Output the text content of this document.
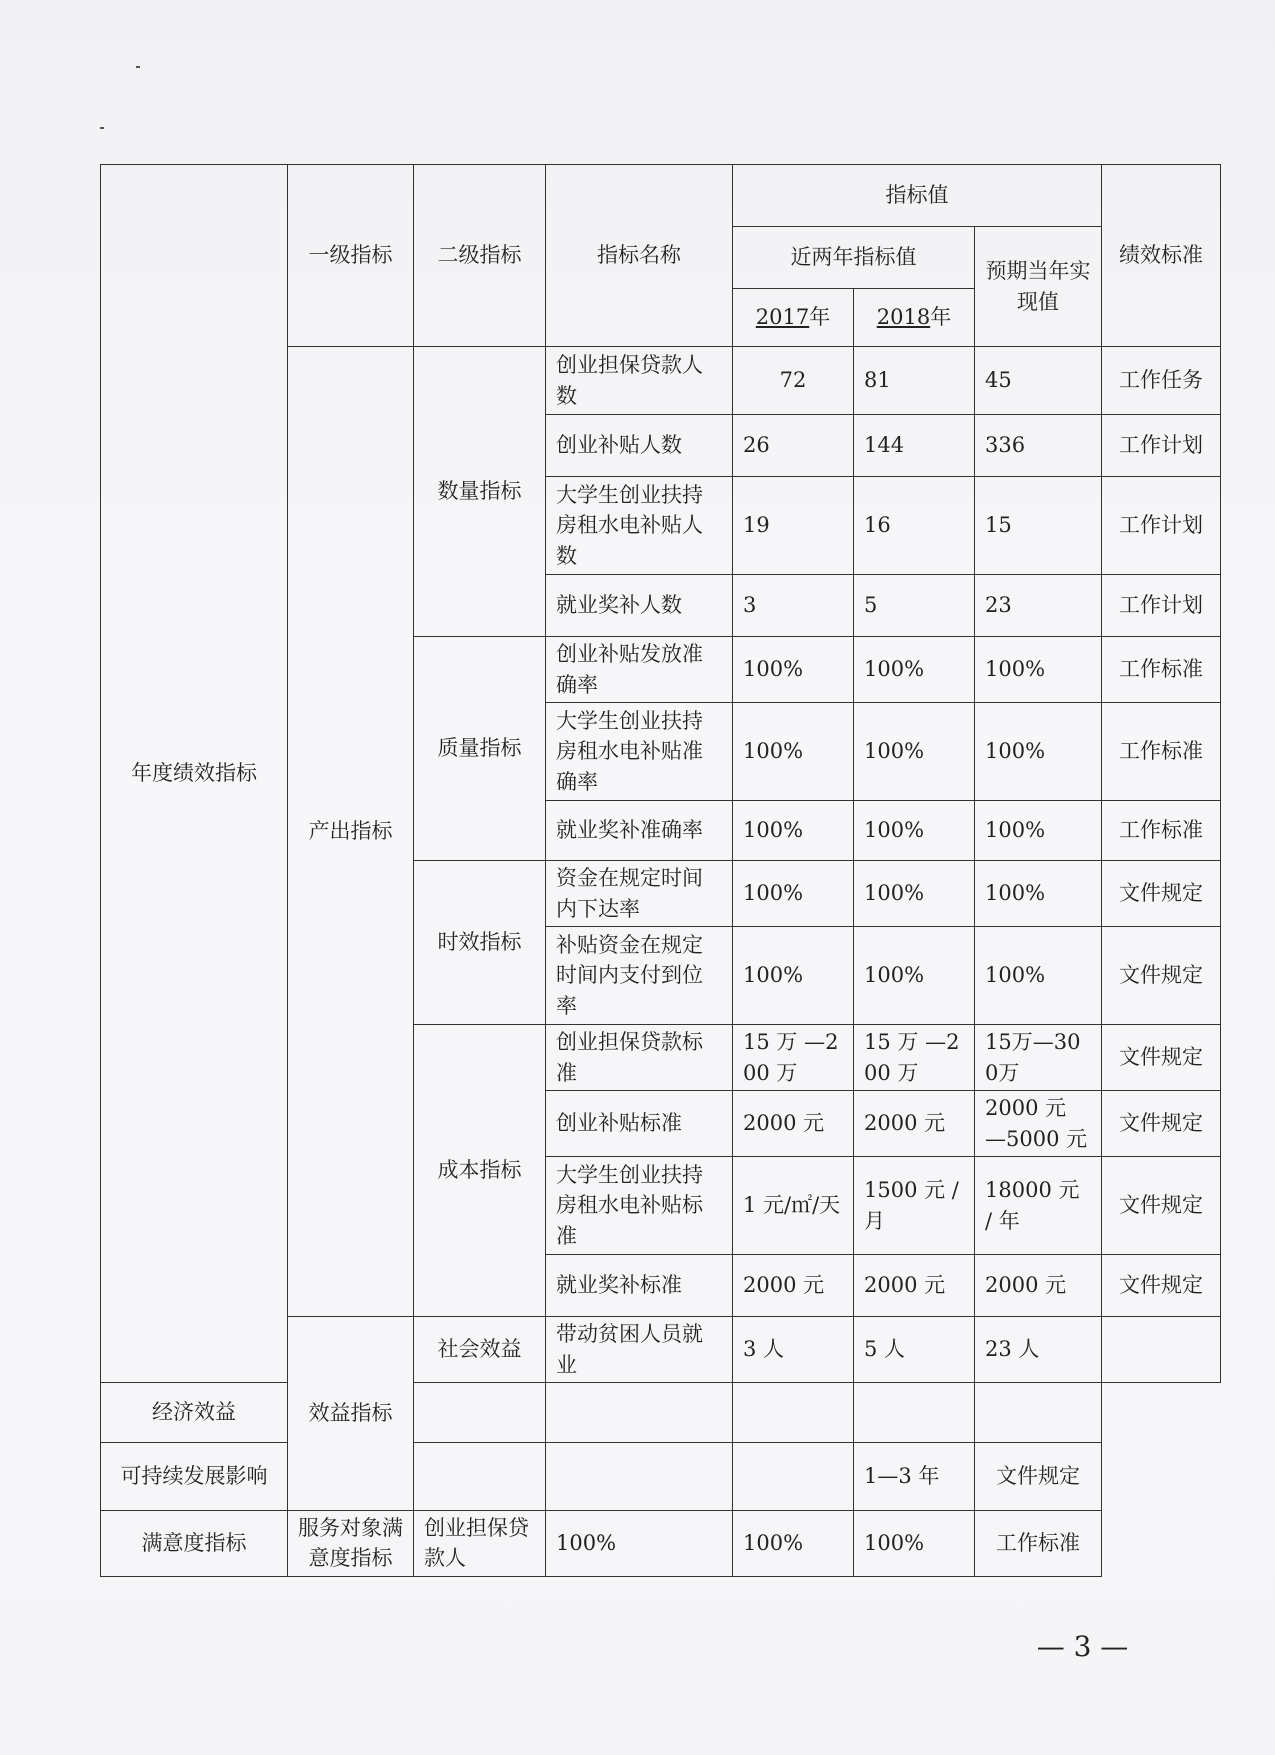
年度绩效指标	一级指标	二级指标	指标名称	指标值			绩效标准
				近两年指标值		预期当年实现值	
				2017年	2018年		
	产出指标	数量指标	创业担保贷款人数	72	81	45	工作任务
			创业补贴人数	26	144	336	工作计划
			大学生创业扶持房租水电补贴人数	19	16	15	工作计划
			就业奖补人数	3	5	23	工作计划
		质量指标	创业补贴发放准确率	100%	100%	100%	工作标准
			大学生创业扶持房租水电补贴准确率	100%	100%	100%	工作标准
			就业奖补准确率	100%	100%	100%	工作标准
		时效指标	资金在规定时间内下达率	100%	100%	100%	文件规定
			补贴资金在规定时间内支付到位率	100%	100%	100%	文件规定
		成本指标	创业担保贷款标准	15 万 —200 万	15 万 —200 万	15万—300万	文件规定
			创业补贴标准	2000 元	2000 元	2000 元 —5000 元	文件规定
			大学生创业扶持房租水电补贴标准	1 元/㎡/天	1500 元 / 月	18000 元 / 年	文件规定
			就业奖补标准	2000 元	2000 元	2000 元	文件规定
	效益指标	社会效益	带动贫困人员就业	3 人	5 人	23 人	
经济效益							
可持续发展影响					1—3 年	文件规定	
满意度指标	服务对象满意度指标	创业担保贷款人	100%	100%	100%	工作标准	
— 3 —
